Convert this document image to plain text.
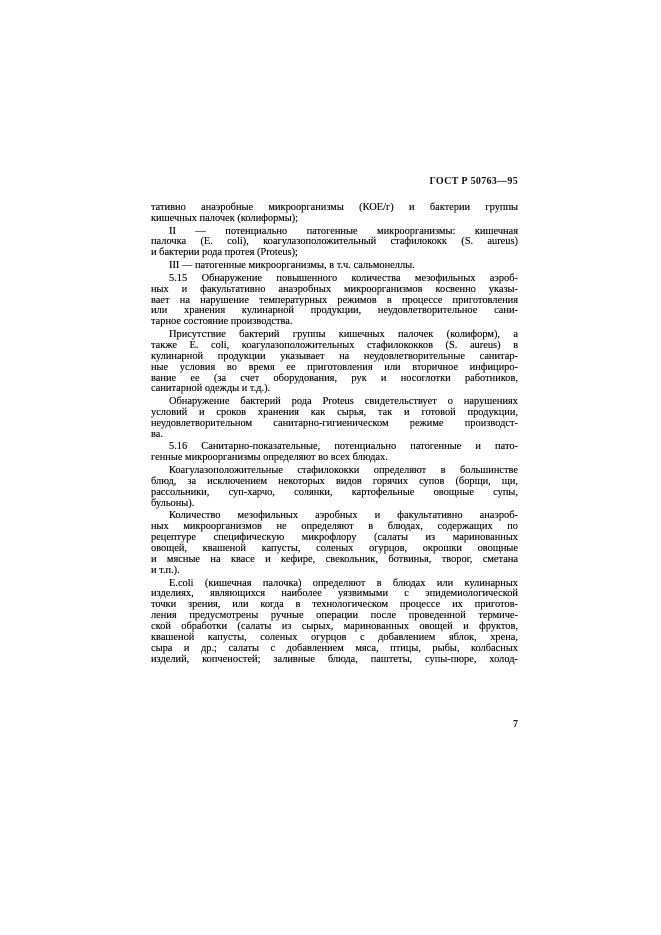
ГОСТ Р 50763—95
тативно анаэробные микроорганизмы (КОЕ/г) и бактерии группы
кишечных палочек (колиформы);
II — потенциально патогенные микроорганизмы: кишечная
палочка (E. coli), коагулазоположительный стафилококк (S. aureus)
и бактерии рода протея (Proteus);
III — патогенные микроорганизмы, в т.ч. сальмонеллы.
5.15 Обнаружение повышенного количества мезофильных аэроб-
ных и факультативно анаэробных микроорганизмов косвенно указы-
вает на нарушение температурных режимов в процессе приготовления
или хранения кулинарной продукции, неудовлетворительное сани-
тарное состояние производства.
Присутствие бактерий группы кишечных палочек (колиформ), а
также E. coli, коагулазоположительных стафилококков (S. aureus) в
кулинарной продукции указывает на неудовлетворительные санитар-
ные условия во время ее приготовления или вторичное инфициро-
вание ее (за счет оборудования, рук и носоглотки работников,
санитарной одежды и т.д.).
Обнаружение бактерий рода Proteus свидетельствует о нарушениях
условий и сроков хранения как сырья, так и готовой продукции,
неудовлетворительном санитарно-гигиеническом режиме производст-
ва.
5.16 Санитарно-показательные, потенциально патогенные и пато-
генные микроорганизмы определяют во всех блюдах.
Коагулазоположительные стафилококки определяют в большинстве
блюд, за исключением некоторых видов горячих супов (борщи, щи,
рассольники, суп-харчо, солянки, картофельные овощные супы,
бульоны).
Количество мезофильных аэробных и факультативно анаэроб-
ных микроорганизмов не определяют в блюдах, содержащих по
рецептуре специфическую микрофлору (салаты из маринованных
овощей, квашеной капусты, соленых огурцов, окрошки овощные
и мясные на квасе и кефире, свекольник, ботвинья, творог, сметана
и т.п.).
E.coli (кишечная палочка) определяют в блюдах или кулинарных
изделиях, являющихся наиболее уязвимыми с эпидемиологической
точки зрения, или когда в технологическом процессе их приготов-
ления предусмотрены ручные операции после проведенной термиче-
ской обработки (салаты из сырых, маринованных овощей и фруктов,
квашеной капусты, соленых огурцов с добавлением яблок, хрена,
сыра и др.; салаты с добавлением мяса, птицы, рыбы, колбасных
изделий, копченостей; заливные блюда, паштеты, супы-пюре, холод-
7
